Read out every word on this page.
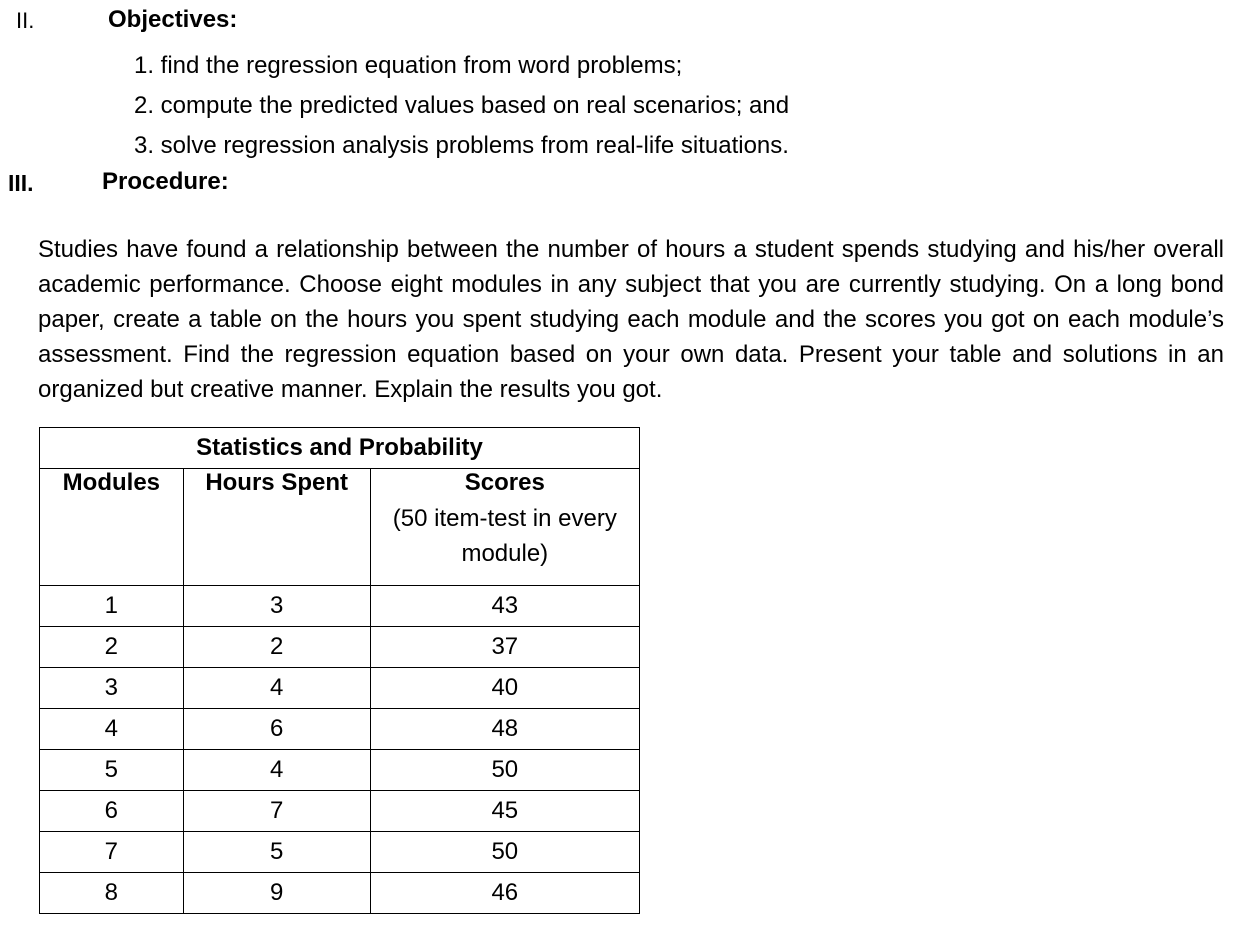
II.	Objectives:
1. find the regression equation from word problems;
2. compute the predicted values based on real scenarios; and
3. solve regression analysis problems from real-life situations.
III.	Procedure:

Studies have found a relationship between the number of hours a student spends studying and his/her overall academic performance. Choose eight modules in any subject that you are currently studying. On a long bond paper, create a table on the hours you spent studying each module and the scores you got on each module’s assessment. Find the regression equation based on your own data. Present your table and solutions in an organized but creative manner. Explain the results you got.

Statistics and Probability		
Modules	Hours Spent	Scores
(50 item-test in every module)

1	3	43
2	2	37
3	4	40
4	6	48
5	4	50
6	7	45
7	5	50
8	9	46
